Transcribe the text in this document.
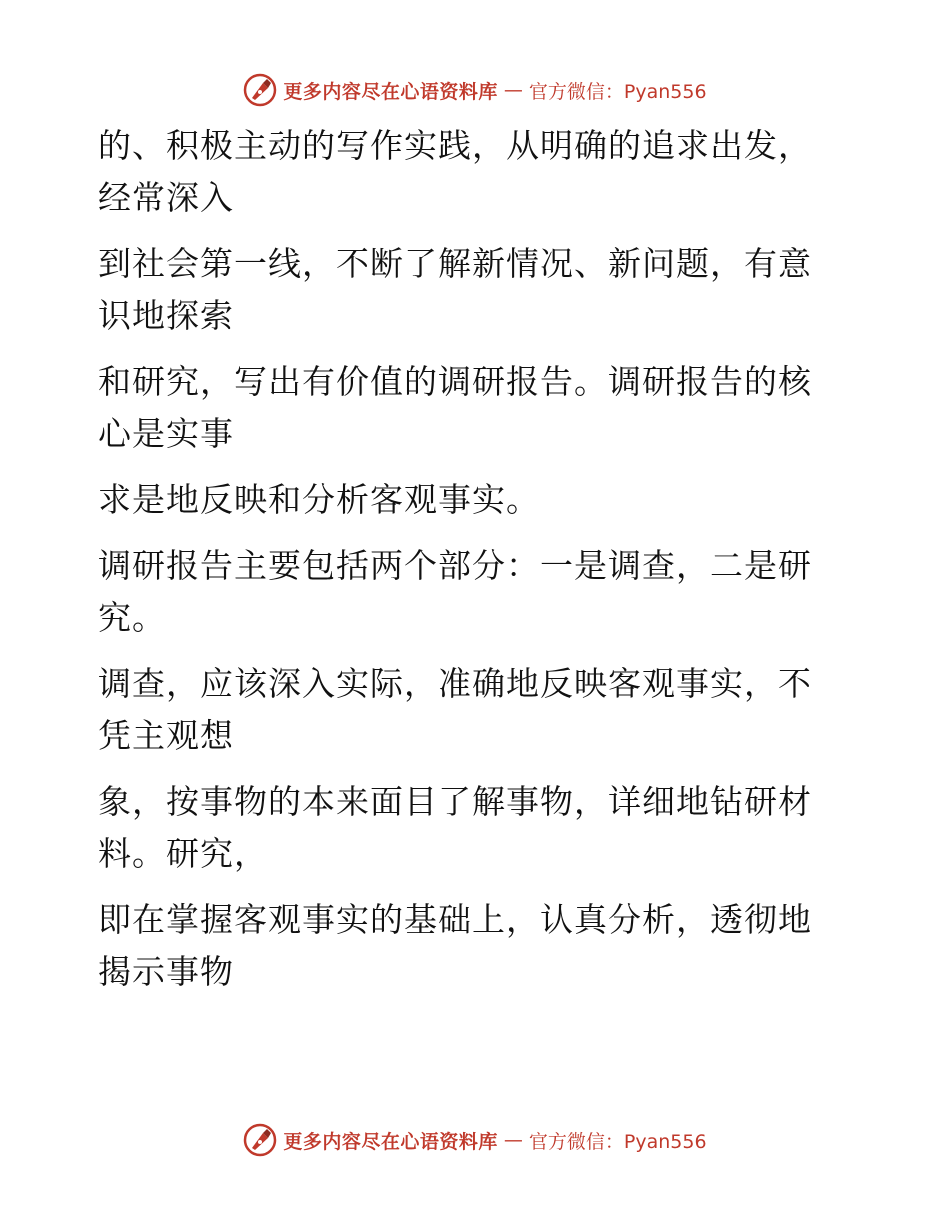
更多内容尽在心语资料库 — 官方微信：Pyan556
的、积极主动的写作实践，从明确的追求出发，
经常深入
到社会第一线，不断了解新情况、新问题，有意
识地探索
和研究，写出有价值的调研报告。调研报告的核
心是实事
求是地反映和分析客观事实。
调研报告主要包括两个部分：一是调查，二是研
究。
调查，应该深入实际，准确地反映客观事实，不
凭主观想
象，按事物的本来面目了解事物，详细地钻研材
料。研究，
即在掌握客观事实的基础上，认真分析，透彻地
揭示事物
更多内容尽在心语资料库 — 官方微信：Pyan556
